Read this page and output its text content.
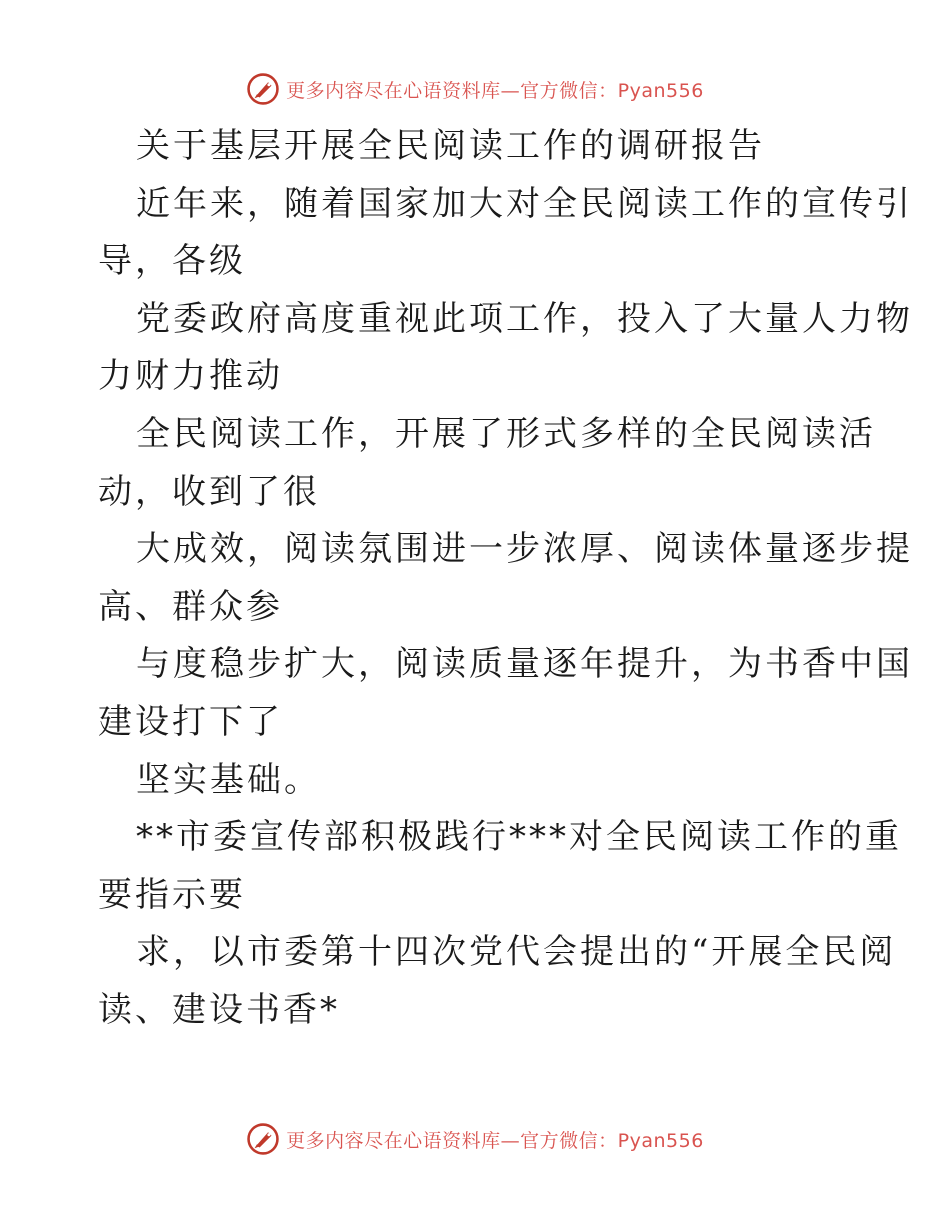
更多内容尽在心语资料库—官方微信：Pyan556

关于基层开展全民阅读工作的调研报告

近年来，随着国家加大对全民阅读工作的宣传引

导，各级

党委政府高度重视此项工作，投入了大量人力物

力财力推动

全民阅读工作，开展了形式多样的全民阅读活

动，收到了很

大成效，阅读氛围进一步浓厚、阅读体量逐步提

高、群众参

与度稳步扩大，阅读质量逐年提升，为书香中国

建设打下了

坚实基础。

**市委宣传部积极践行***对全民阅读工作的重

要指示要

求，以市委第十四次党代会提出的“开展全民阅

读、建设书香*

更多内容尽在心语资料库—官方微信：Pyan556
